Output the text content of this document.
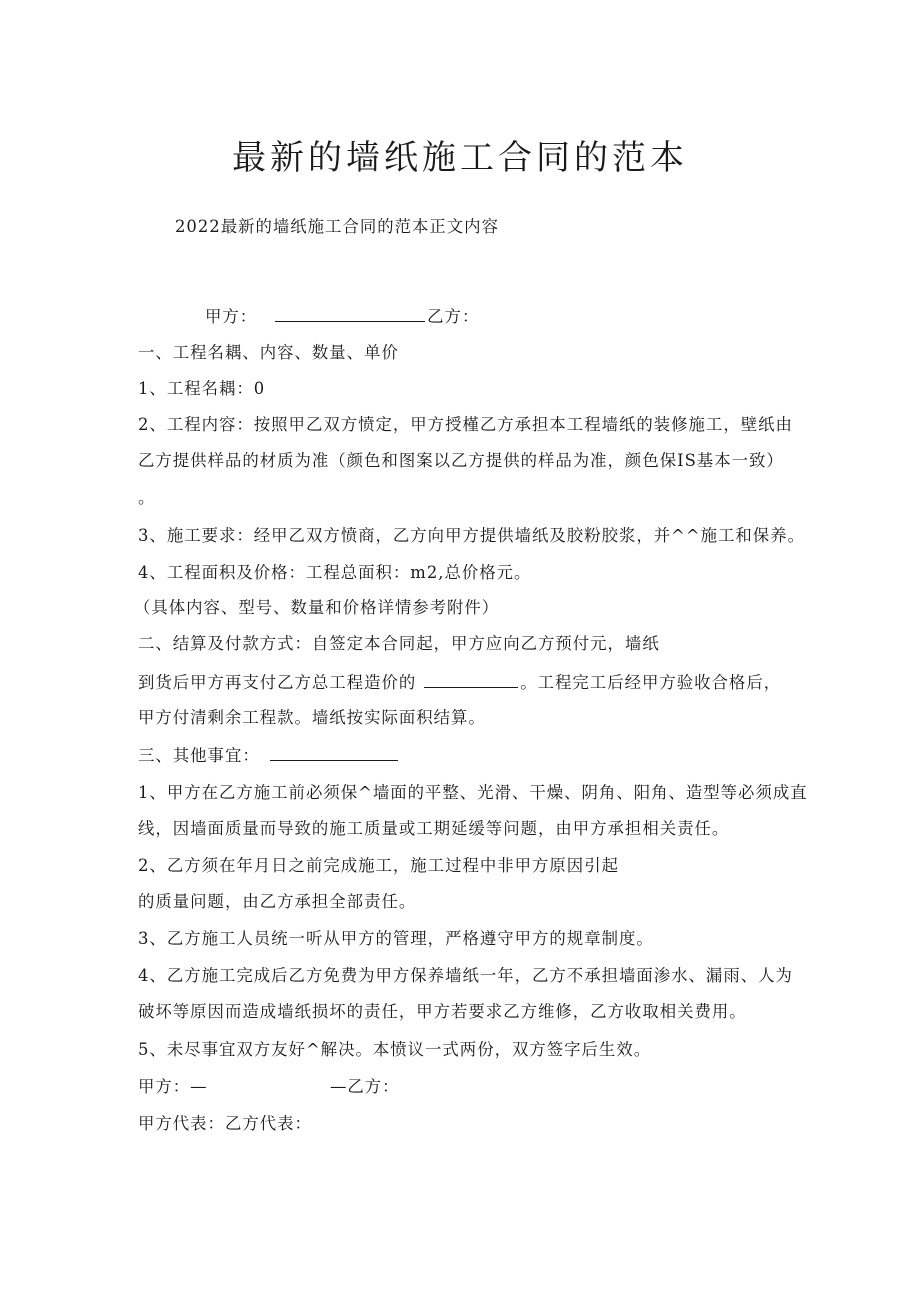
最新的墙纸施工合同的范本

2022最新的墙纸施工合同的范本正文内容

甲方：	乙方：

一、工程名耦、内容、数量、单价

1、工程名耦：0

2、工程内容：按照甲乙双方愤定，甲方授槿乙方承担本工程墙纸的装修施工，壁纸由

乙方提供样品的材质为准（颜色和图案以乙方提供的样品为准，颜色保IS基本一致）

。

3、施工要求：经甲乙双方愤商，乙方向甲方提供墙纸及胶粉胶浆，并^^施工和保养。

4、工程面积及价格：工程总面积：m2,总价格元。

（具体内容、型号、数量和价格详情参考附件）

二、结算及付款方式：自签定本合同起，甲方应向乙方预付元，墙纸

到货后甲方再支付乙方总工程造价的	。工程完工后经甲方验收合格后，

甲方付清剩余工程款。墙纸按实际面积结算。

三、其他事宜：

1、甲方在乙方施工前必须保^墙面的平整、光滑、干燥、阴角、阳角、造型等必须成直

线，因墙面质量而导致的施工质量或工期延缓等问题，由甲方承担相关责任。

2、乙方须在年月日之前完成施工，施工过程中非甲方原因引起

的质量问题，由乙方承担全部责任。

3、乙方施工人员统一听从甲方的管理，严格遵守甲方的规章制度。

4、乙方施工完成后乙方免费为甲方保养墙纸一年，乙方不承担墙面渗水、漏雨、人为

破坏等原因而造成墙纸损坏的责任，甲方若要求乙方维修，乙方收取相关费用。

5、未尽事宜双方友好^解决。本愤议一式两份，双方签字后生效。

甲方：—	—乙方：

甲方代表：乙方代表：
